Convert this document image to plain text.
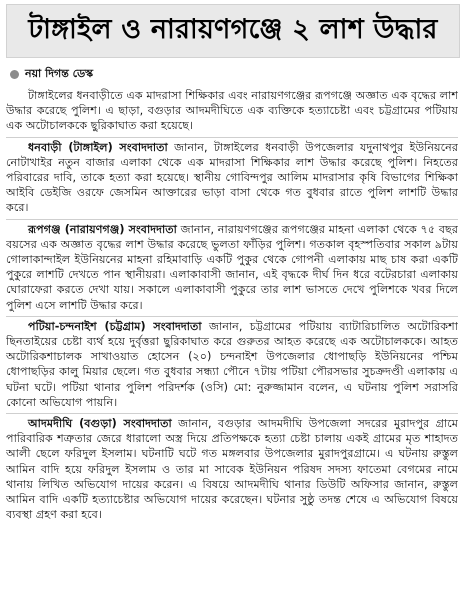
টাঙ্গাইল ও নারায়ণগঞ্জে ২ লাশ উদ্ধার
নয়া দিগন্ত ডেস্ক

টাঙ্গাইলের ধনবাড়ীতে এক মাদরাসা শিক্ষিকার এবং নারায়ণগঞ্জের রূপগঞ্জে অজ্ঞাত এক বৃদ্ধের লাশ উদ্ধার করেছে পুলিশ। এ ছাড়া, বগুড়ার আদমদীঘিতে এক ব্যক্তিকে হত্যাচেষ্টা এবং চট্টগ্রামের পটিয়ায় এক অটোচালককে ছুরিকাঘাত করা হয়েছে।

ধনবাড়ী (টাঙ্গাইল) সংবাদদাতা জানান, টাঙ্গাইলের ধনবাড়ী উপজেলার যদুনাথপুর ইউনিয়নের নোটাখাইর নতুন বাজার এলাকা থেকে এক মাদরাসা শিক্ষিকার লাশ উদ্ধার করেছে পুলিশ। নিহতের পরিবারের দাবি, তাকে হত্যা করা হয়েছে। স্থানীয় গোবিন্দপুর আলিম মাদরাসার কৃষি বিভাগের শিক্ষিকা আইবি ডেইজি ওরফে জেসমিন আক্তারের ভাড়া বাসা থেকে গত বুধবার রাতে পুলিশ লাশটি উদ্ধার করে।

রূপগঞ্জ (নারায়ণগঞ্জ) সংবাদদাতা জানান, নারায়ণগঞ্জের রূপগঞ্জের মাহনা এলাকা থেকে ৭৫ বছর বয়সের এক অজ্ঞাত বৃদ্ধের লাশ উদ্ধার করেছে ভুলতা ফাঁড়ির পুলিশ। গতকাল বৃহস্পতিবার সকাল ৯টায় গোলাকান্দাইল ইউনিয়নের মাহনা রহিমাবাড়ি একটি পুকুর থেকে গোপনী এলাকায় মাছ চাষ করা একটি পুকুরে লাশটি দেখতে পান স্থানীয়রা। এলাকাবাসী জানান, এই বৃদ্ধকে দীর্ঘ দিন ধরে বটেরচারা এলাকায় ঘোরাফেরা করতে দেখা যায়। সকালে এলাকাবাসী পুকুরে তার লাশ ভাসতে দেখে পুলিশকে খবর দিলে পুলিশ এসে লাশটি উদ্ধার করে।

পটিয়া-চন্দনাইশ (চট্টগ্রাম) সংবাদদাতা জানান, চট্টগ্রামের পটিয়ায় ব্যাটারিচালিত অটোরিকশা ছিনতাইয়ের চেষ্টা ব্যর্থ হয়ে দুর্বৃত্তরা ছুরিকাঘাত করে গুরুতর আহত করেছে এক অটোচালককে। আহত অটোরিকশাচালক সাখাওয়াত হোসেন (২০) চন্দনাইশ উপজেলার ধোপাছড়ি ইউনিয়নের পশ্চিম ধোপাছড়ির কালু মিয়ার ছেলে। গত বুধবার সন্ধ্যা পৌনে ৭টায় পটিয়া পৌরসভার সুচক্রদণ্ডী এলাকায় এ ঘটনা ঘটে। পটিয়া থানার পুলিশ পরিদর্শক (ওসি) মো: নুরুজ্জামান বলেন, এ ঘটনায় পুলিশ সরাসরি কোনো অভিযোগ পায়নি।

আদমদীঘি (বগুড়া) সংবাদদাতা জানান, বগুড়ার আদমদীঘি উপজেলা সদরের মুরাদপুর গ্রামে পারিবারিক শত্রুতার জেরে ধারালো অস্ত্র দিয়ে প্রতিপক্ষকে হত্যা চেষ্টা চালায় একই গ্রামের মৃত শাহাদত আলী ছেলে ফরিদুল ইসলাম। ঘটনাটি ঘটে গত মঙ্গলবার উপজেলার মুরাদপুরগ্রামে। এ ঘটনায় রুস্তুল আমিন বাদি হয়ে ফরিদুল ইসলাম ও তার মা সাবেক ইউনিয়ন পরিষদ সদস্য ফাতেমা বেগমের নামে থানায় লিখিত অভিযোগ দায়ের করেন। এ বিষয়ে আদমদীঘি থানার ডিউটি অফিসার জানান, রুস্তুল আমিন বাদি একটি হত্যাচেষ্টার অভিযোগ দায়ের করেছেন। ঘটনার সুষ্ঠু তদন্ত শেষে এ অভিযোগ বিষয়ে ব্যবস্থা গ্রহণ করা হবে।
